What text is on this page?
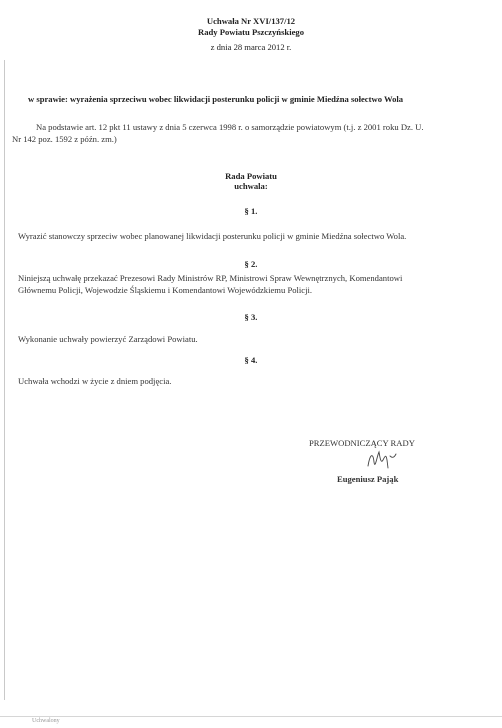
Uchwała Nr XVI/137/12
Rady Powiatu Pszczyńskiego
z dnia 28 marca 2012 r.
w sprawie: wyrażenia sprzeciwu wobec likwidacji posterunku policji w gminie Miedźna sołectwo Wola
Na podstawie art. 12 pkt 11 ustawy z dnia 5 czerwca 1998 r. o samorządzie powiatowym (t.j. z 2001 roku Dz. U.
Nr 142 poz. 1592 z późn. zm.)
Rada Powiatu
uchwala:
§ 1.
Wyrazić stanowczy sprzeciw wobec planowanej likwidacji posterunku policji w gminie Miedźna sołectwo Wola.
§ 2.
Niniejszą uchwałę przekazać Prezesowi Rady Ministrów RP, Ministrowi Spraw Wewnętrznych, Komendantowi
Głównemu Policji, Wojewodzie Śląskiemu i Komendantowi Wojewódzkiemu Policji.
§ 3.
Wykonanie uchwały powierzyć Zarządowi Powiatu.
§ 4.
Uchwała wchodzi w życie z dniem podjęcia.
PRZEWODNICZĄCY RADY
Eugeniusz Pająk
Uchwalony
